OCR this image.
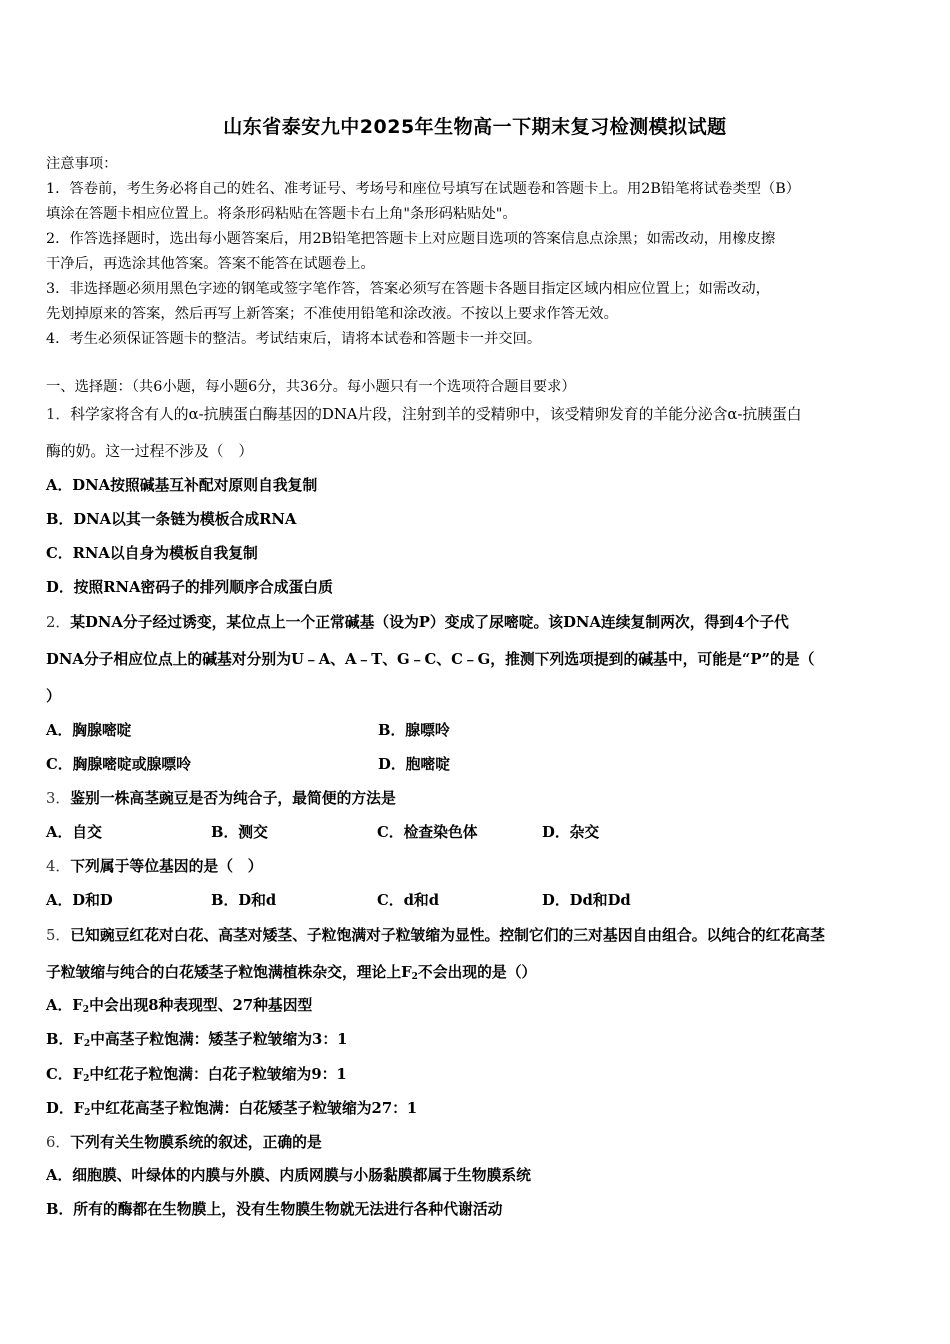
山东省泰安九中2025年生物高一下期末复习检测模拟试题
注意事项：
1．答卷前，考生务必将自己的姓名、准考证号、考场号和座位号填写在试题卷和答题卡上。用2B铅笔将试卷类型（B）
填涂在答题卡相应位置上。将条形码粘贴在答题卡右上角"条形码粘贴处"。
2．作答选择题时，选出每小题答案后，用2B铅笔把答题卡上对应题目选项的答案信息点涂黑；如需改动，用橡皮擦
干净后，再选涂其他答案。答案不能答在试题卷上。
3．非选择题必须用黑色字迹的钢笔或签字笔作答，答案必须写在答题卡各题目指定区域内相应位置上；如需改动，
先划掉原来的答案，然后再写上新答案；不准使用铅笔和涂改液。不按以上要求作答无效。
4．考生必须保证答题卡的整洁。考试结束后，请将本试卷和答题卡一并交回。
一、选择题：（共6小题，每小题6分，共36分。每小题只有一个选项符合题目要求）
1．科学家将含有人的α-抗胰蛋白酶基因的DNA片段，注射到羊的受精卵中，该受精卵发育的羊能分泌含α-抗胰蛋白
酶的奶。这一过程不涉及（　）
A．DNA按照碱基互补配对原则自我复制
B．DNA以其一条链为模板合成RNA
C．RNA以自身为模板自我复制
D．按照RNA密码子的排列顺序合成蛋白质
2．某DNA分子经过诱变，某位点上一个正常碱基（设为P）变成了尿嘧啶。该DNA连续复制两次，得到4个子代
DNA分子相应位点上的碱基对分别为U﹣A、A﹣T、G﹣C、C﹣G，推测下列选项提到的碱基中，可能是“P”的是（
）
A．胸腺嘧啶	B．腺嘌呤
C．胸腺嘧啶或腺嘌呤	D．胞嘧啶
3．鉴别一株高茎豌豆是否为纯合子，最简便的方法是
A．自交	B．测交	C．检查染色体	D．杂交
4．下列属于等位基因的是（　）
A．D和D	B．D和d	C．d和d	D．Dd和Dd
5．已知豌豆红花对白花、高茎对矮茎、子粒饱满对子粒皱缩为显性。控制它们的三对基因自由组合。以纯合的红花高茎
子粒皱缩与纯合的白花矮茎子粒饱满植株杂交，理论上$F_2$不会出现的是（）
A．$F_2$中会出现8种表现型、27种基因型
B．$F_2$中高茎子粒饱满：矮茎子粒皱缩为3：1
C．$F_2$中红花子粒饱满：白花子粒皱缩为9：1
D．$F_2$中红花高茎子粒饱满：白花矮茎子粒皱缩为27：1
6．下列有关生物膜系统的叙述，正确的是
A．细胞膜、叶绿体的内膜与外膜、内质网膜与小肠黏膜都属于生物膜系统
B．所有的酶都在生物膜上，没有生物膜生物就无法进行各种代谢活动
